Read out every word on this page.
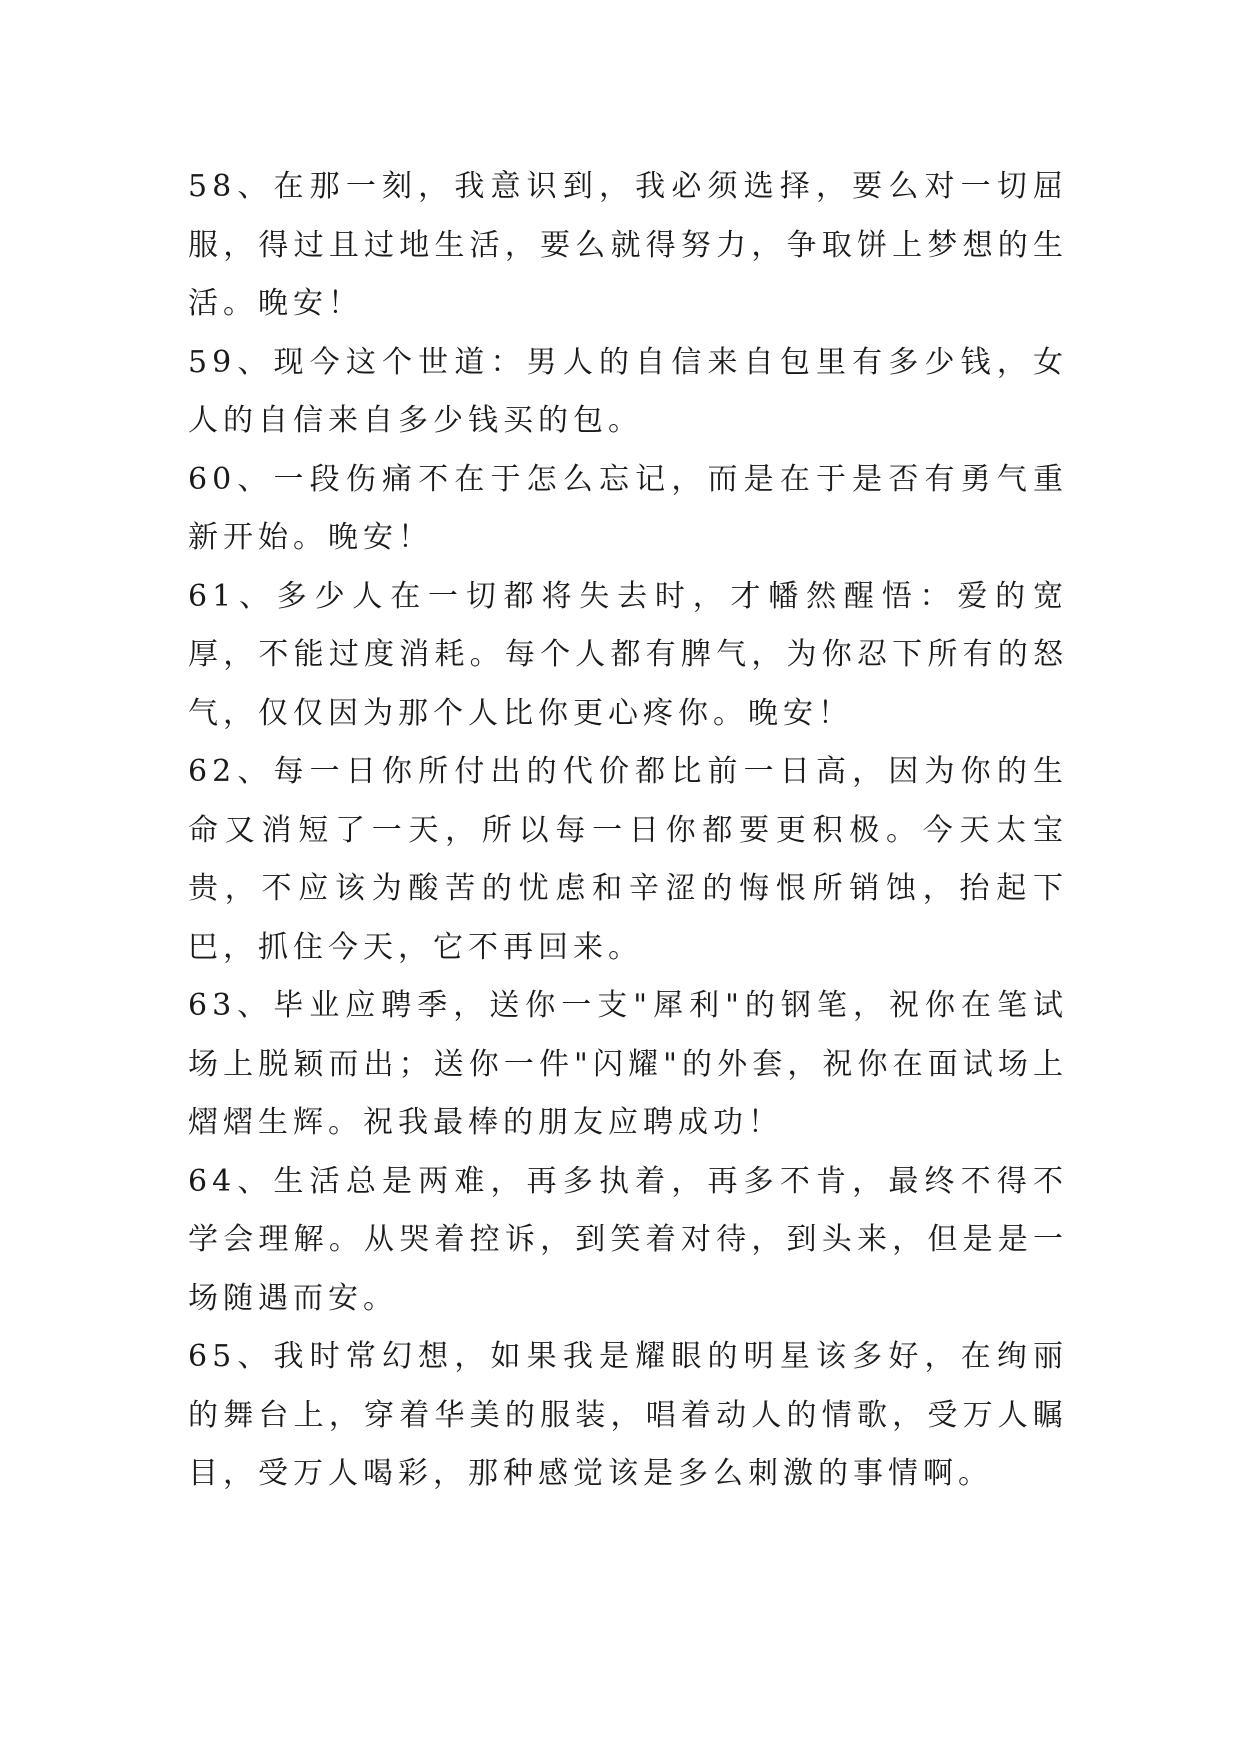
58、在那一刻，我意识到，我必须选择，要么对一切屈服，得过且过地生活，要么就得努力，争取饼上梦想的生活。晚安！

59、现今这个世道：男人的自信来自包里有多少钱，女人的自信来自多少钱买的包。

60、一段伤痛不在于怎么忘记，而是在于是否有勇气重新开始。晚安！

61、多少人在一切都将失去时，才幡然醒悟：爱的宽厚，不能过度消耗。每个人都有脾气，为你忍下所有的怒气，仅仅因为那个人比你更心疼你。晚安！

62、每一日你所付出的代价都比前一日高，因为你的生命又消短了一天，所以每一日你都要更积极。今天太宝贵，不应该为酸苦的忧虑和辛涩的悔恨所销蚀，抬起下巴，抓住今天，它不再回来。

63、毕业应聘季，送你一支"犀利"的钢笔，祝你在笔试场上脱颖而出；送你一件"闪耀"的外套，祝你在面试场上熠熠生辉。祝我最棒的朋友应聘成功！

64、生活总是两难，再多执着，再多不肯，最终不得不学会理解。从哭着控诉，到笑着对待，到头来，但是是一场随遇而安。

65、我时常幻想，如果我是耀眼的明星该多好，在绚丽的舞台上，穿着华美的服装，唱着动人的情歌，受万人瞩目，受万人喝彩，那种感觉该是多么刺激的事情啊。
